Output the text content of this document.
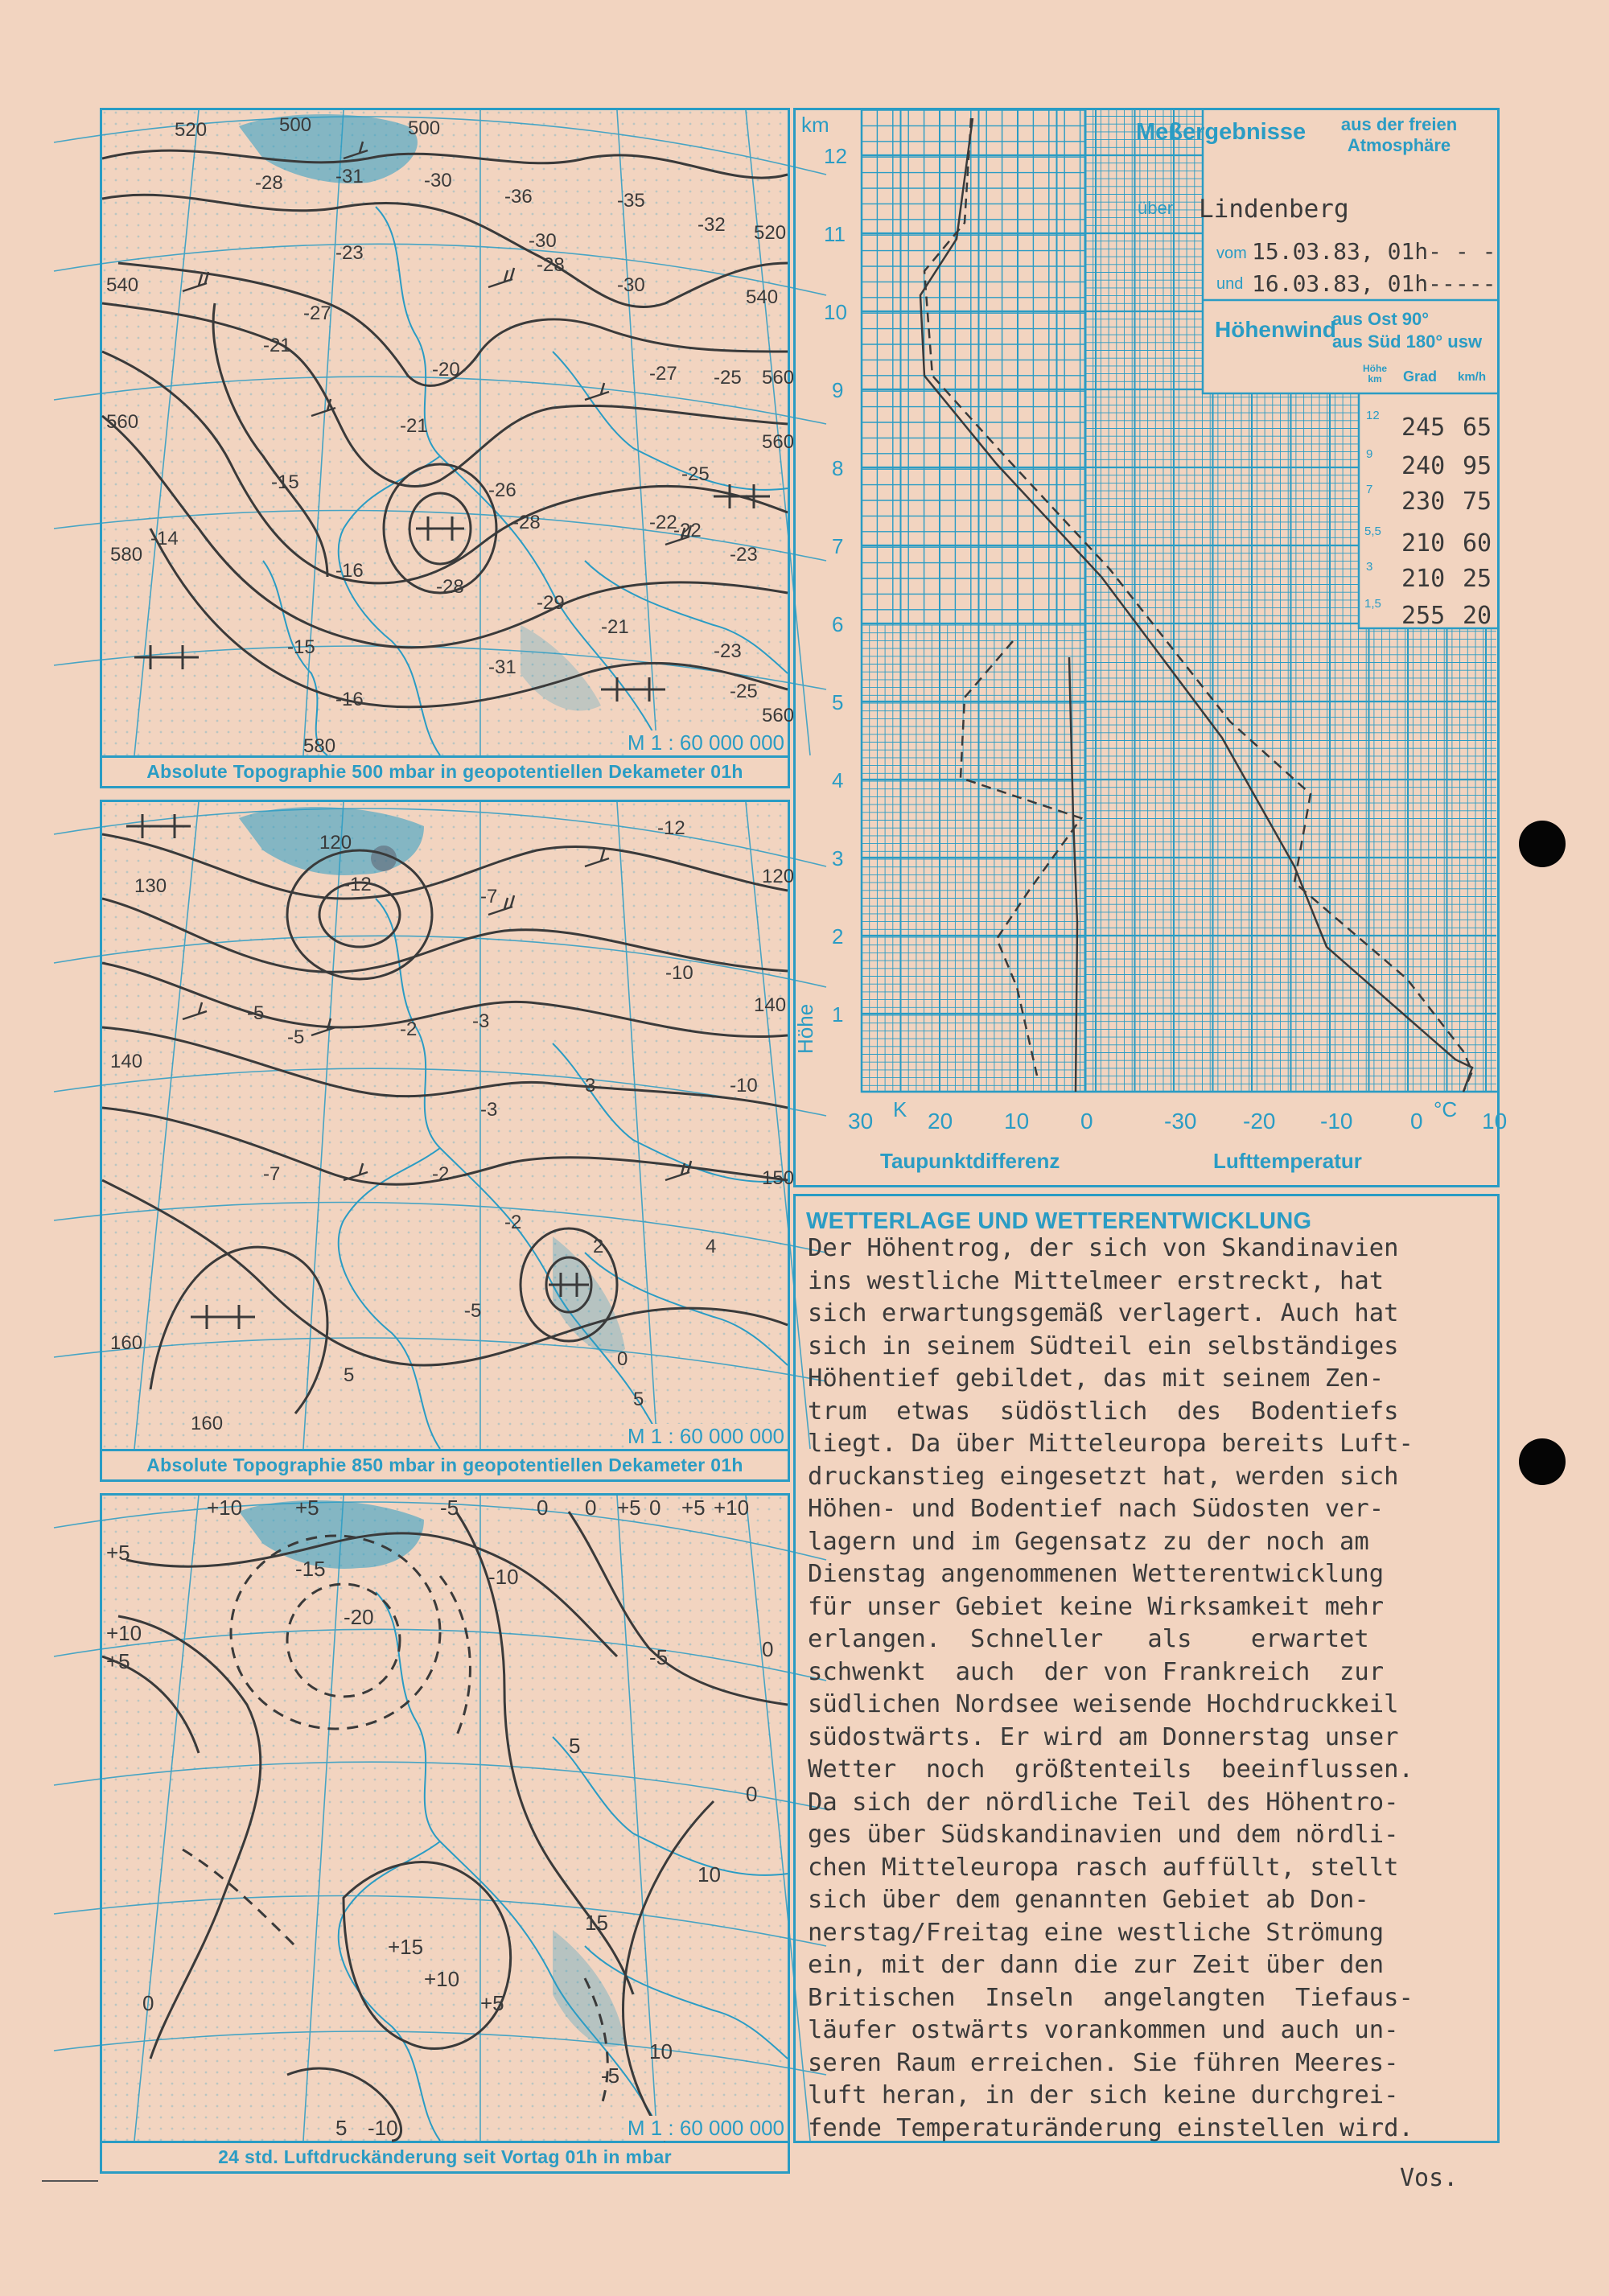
520	500	500
540
560
580
580
560
540
520
560
560
-28	-31	-30
-36	-35
-32
-30
-23
-28
-27
-30
-25
-21
-20
-21
-27
-15
-14
-16
-15
-16
-28
-31
-29
-22
-23
-25
-26
-28	-22
-21
-25
-23
M 1 : 60 000 000
Absolute Topographie 500 mbar in geopotentiellen Dekameter 01h
120
130
140
140
150
160
160
120
-12
-7
-5
-5	-2	-3
-10
-2
-12
-7
-3
5
2
-2
-5
0
4
5
3	-10
M 1 : 60 000 000
Absolute Topographie 850 mbar in geopotentiellen Dekameter 01h
+10	+5	-5	0 0 +5 0 +5 +10
+5
+10
+5
-15
-20
-10
-5
0
+15
+10
+5
-10
5
15
0
10
-5
10
0
5
M 1 : 60 000 000
24 std. Luftdruckänderung seit Vortag 01h in mbar
Meßergebnisse	aus der freien Atmosphäre
über Lindenberg
vom 15.03.83, 01h- - -
und 16.03.83, 01h-----
Höhenwind
aus Ost 90°
aus Süd 180° usw
Höhe km	Grad km/h
12 245 65
9 240 95
7 230 75
5,5 210 60
3 210 25
1,5 255 20
km
Höhe 1
2
3
4
5
6
7
8
9
10
11
12
30 20 10 0	-30 -20 -10	0	10
K	°C
Taupunktdifferenz	Lufttemperatur
WETTERLAGE UND WETTERENTWICKLUNG
Der Höhentrog, der sich von Skandinavien
ins westliche Mittelmeer erstreckt, hat
sich erwartungsgemäß verlagert. Auch hat
sich in seinem Südteil ein selbständiges
Höhentief gebildet, das mit seinem Zen-
trum  etwas  südöstlich  des  Bodentiefs
liegt. Da über Mitteleuropa bereits Luft-
druckanstieg eingesetzt hat, werden sich
Höhen- und Bodentief nach Südosten ver-
lagern und im Gegensatz zu der noch am
Dienstag angenommenen Wetterentwicklung
für unser Gebiet keine Wirksamkeit mehr
erlangen.  Schneller   als    erwartet
schwenkt  auch  der von Frankreich  zur
südlichen Nordsee weisende Hochdruckkeil
südostwärts. Er wird am Donnerstag unser
Wetter  noch  größtenteils  beeinflussen.
Da sich der nördliche Teil des Höhentro-
ges über Südskandinavien und dem nördli-
chen Mitteleuropa rasch auffüllt, stellt
sich über dem genannten Gebiet ab Don-
nerstag/Freitag eine westliche Strömung
ein, mit der dann die zur Zeit über den
Britischen  Inseln  angelangten  Tiefaus-
läufer ostwärts vorankommen und auch un-
seren Raum erreichen. Sie führen Meeres-
luft heran, in der sich keine durchgrei-
fende Temperaturänderung einstellen wird.
Vos.
